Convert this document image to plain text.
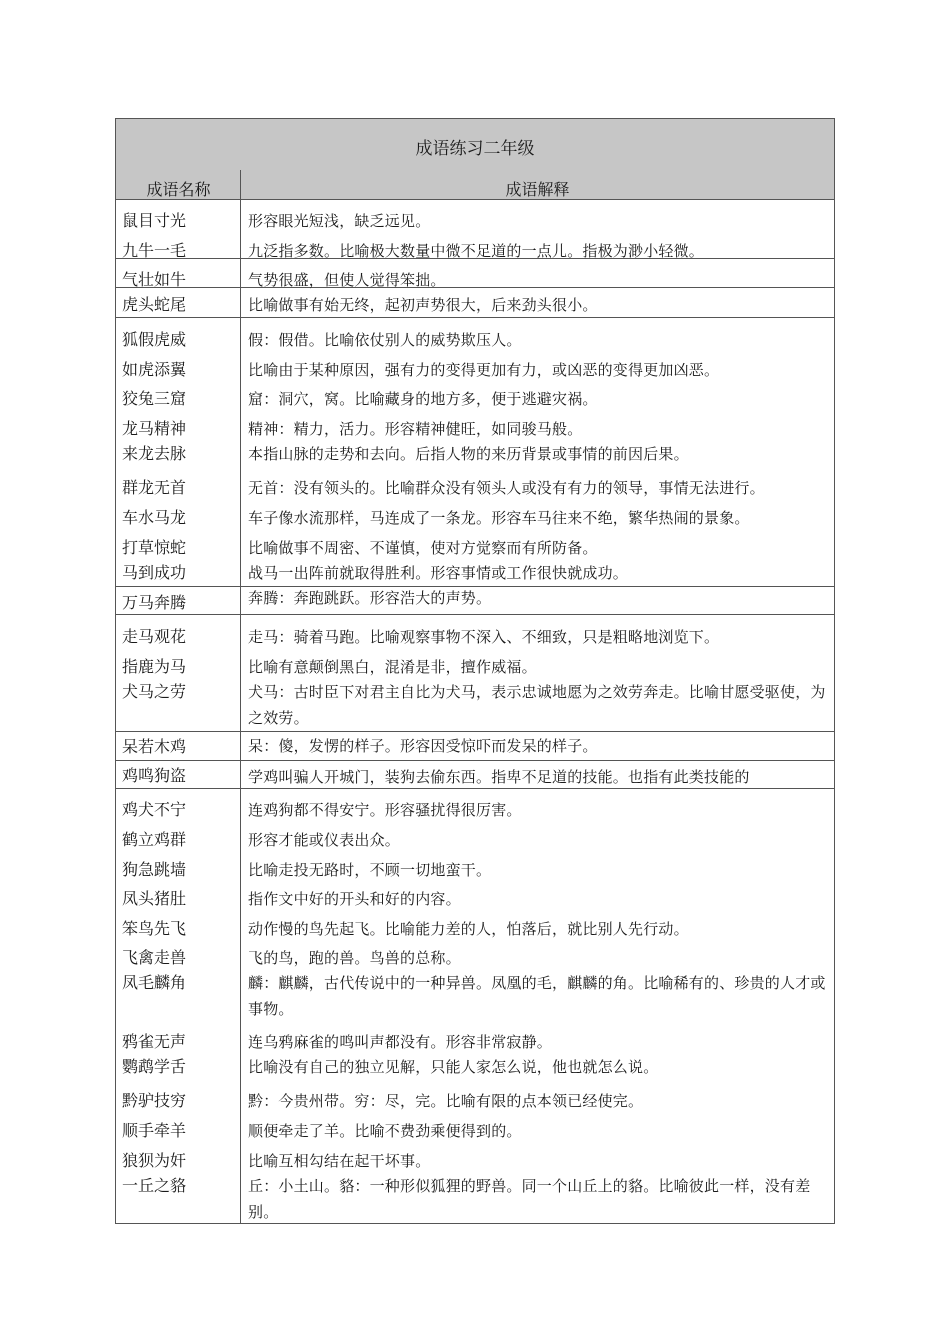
成语练习二年级
成语名称	成语解释
鼠目寸光	形容眼光短浅，缺乏远见。
九牛一毛	九泛指多数。比喻极大数量中微不足道的一点儿。指极为渺小轻微。
气壮如牛	气势很盛，但使人觉得笨拙。
虎头蛇尾	比喻做事有始无终，起初声势很大，后来劲头很小。
狐假虎威	假：假借。比喻依仗别人的威势欺压人。
如虎添翼	比喻由于某种原因，强有力的变得更加有力，或凶恶的变得更加凶恶。
狡兔三窟	窟：洞穴，窝。比喻藏身的地方多，便于逃避灾祸。
龙马精神	精神：精力，活力。形容精神健旺，如同骏马般。
来龙去脉	本指山脉的走势和去向。后指人物的来历背景或事情的前因后果。
群龙无首	无首：没有领头的。比喻群众没有领头人或没有有力的领导，事情无法进行。
车水马龙	车子像水流那样，马连成了一条龙。形容车马往来不绝，繁华热闹的景象。
打草惊蛇	比喻做事不周密、不谨慎，使对方觉察而有所防备。
马到成功	战马一出阵前就取得胜利。形容事情或工作很快就成功。
万马奔腾	奔腾：奔跑跳跃。形容浩大的声势。
走马观花	走马：骑着马跑。比喻观察事物不深入、不细致，只是粗略地浏览下。
指鹿为马	比喻有意颠倒黑白，混淆是非，擅作威福。
犬马之劳	犬马：古时臣下对君主自比为犬马，表示忠诚地愿为之效劳奔走。比喻甘愿受驱使，为之效劳。
呆若木鸡	呆：傻，发愣的样子。形容因受惊吓而发呆的样子。
鸡鸣狗盗	学鸡叫骗人开城门，装狗去偷东西。指卑不足道的技能。也指有此类技能的
鸡犬不宁	连鸡狗都不得安宁。形容骚扰得很厉害。
鹤立鸡群	形容才能或仪表出众。
狗急跳墙	比喻走投无路时，不顾一切地蛮干。
凤头猪肚	指作文中好的开头和好的内容。
笨鸟先飞	动作慢的鸟先起飞。比喻能力差的人，怕落后，就比别人先行动。
飞禽走兽	飞的鸟，跑的兽。鸟兽的总称。
凤毛麟角	麟：麒麟，古代传说中的一种异兽。凤凰的毛，麒麟的角。比喻稀有的、珍贵的人才或事物。
鸦雀无声	连乌鸦麻雀的鸣叫声都没有。形容非常寂静。
鹦鹉学舌	比喻没有自己的独立见解，只能人家怎么说，他也就怎么说。
黔驴技穷	黔：今贵州带。穷：尽，完。比喻有限的点本领已经使完。
顺手牵羊	顺便牵走了羊。比喻不费劲乘便得到的。
狼狈为奸	比喻互相勾结在起干坏事。
一丘之貉	丘：小土山。貉：一种形似狐狸的野兽。同一个山丘上的貉。比喻彼此一样，没有差别。
